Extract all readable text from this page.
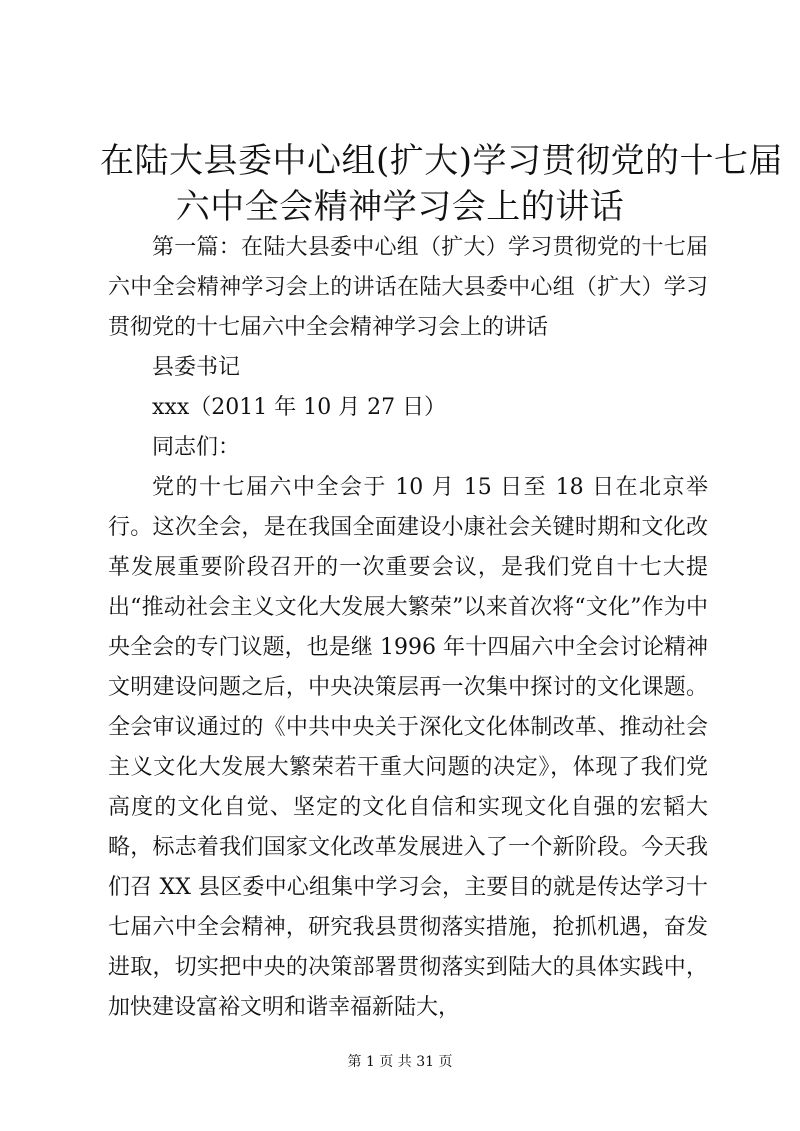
在陆大县委中心组(扩大)学习贯彻党的十七届
六中全会精神学习会上的讲话

第一篇：在陆大县委中心组（扩大）学习贯彻党的十七届六中全会精神学习会上的讲话在陆大县委中心组（扩大）学习贯彻党的十七届六中全会精神学习会上的讲话

县委书记

xxx（2011 年 10 月 27 日）

同志们：

党的十七届六中全会于 10 月 15 日至 18 日在北京举行。这次全会，是在我国全面建设小康社会关键时期和文化改革发展重要阶段召开的一次重要会议，是我们党自十七大提出“推动社会主义文化大发展大繁荣”以来首次将“文化”作为中央全会的专门议题，也是继 1996 年十四届六中全会讨论精神文明建设问题之后，中央决策层再一次集中探讨的文化课题。全会审议通过的《中共中央关于深化文化体制改革、推动社会主义文化大发展大繁荣若干重大问题的决定》，体现了我们党高度的文化自觉、坚定的文化自信和实现文化自强的宏韬大略，标志着我们国家文化改革发展进入了一个新阶段。今天我们召 XX 县区委中心组集中学习会，主要目的就是传达学习十七届六中全会精神，研究我县贯彻落实措施，抢抓机遇，奋发进取，切实把中央的决策部署贯彻落实到陆大的具体实践中，加快建设富裕文明和谐幸福新陆大，

第 1 页 共 31 页
